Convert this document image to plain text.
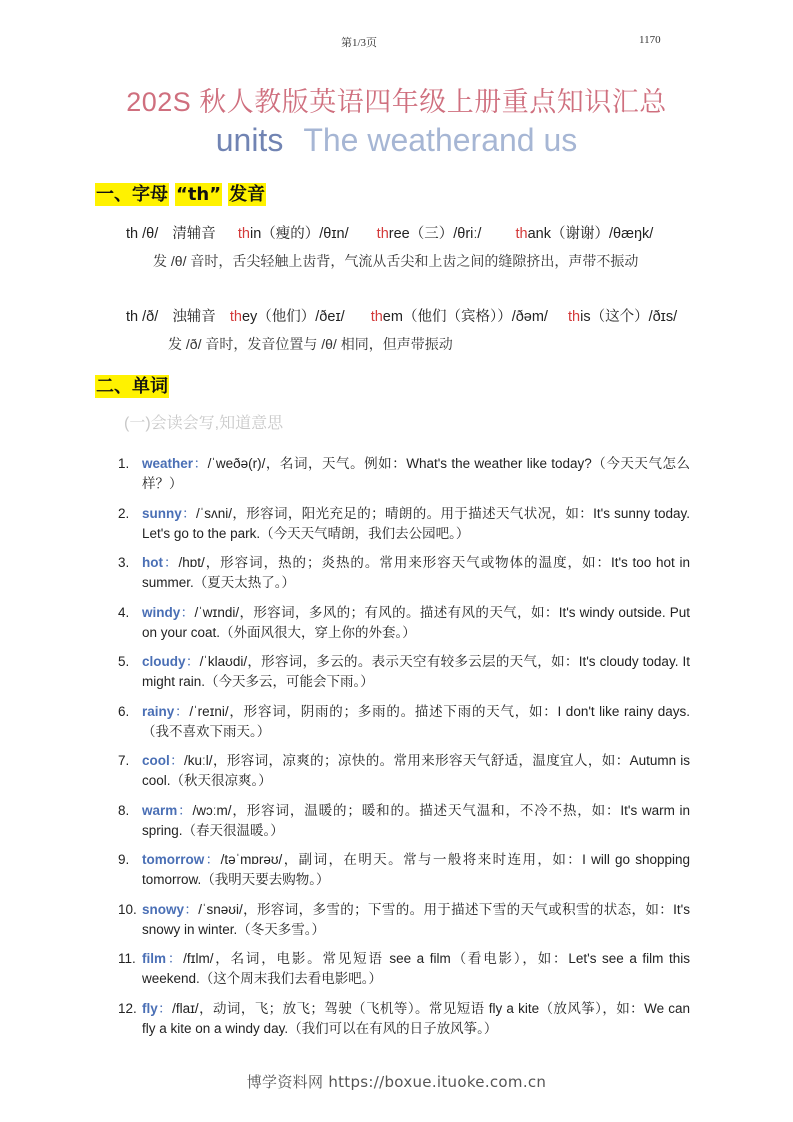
第1/3页	1170
202S 秋人教版英语四年级上册重点知识汇总
units The weatherand us
一、字母 “th” 发音
th /θ/ 清辅音 thin（瘦的）/θɪn/ three（三）/θriː/ thank（谢谢）/θæŋk/
发 /θ/ 音时，舌尖轻触上齿背，气流从舌尖和上齿之间的缝隙挤出，声带不振动
th /ð/ 浊辅音 they（他们）/ðeɪ/ them（他们（宾格））/ðəm/ this（这个）/ðɪs/
发 /ð/ 音时，发音位置与 /θ/ 相同，但声带振动
二、单词
(一)会读会写,知道意思
1. weather：/ˈweðə(r)/，名词，天气。例如：What's the weather like today?（今天天气怎么样？）
2. sunny：/ˈsʌni/，形容词，阳光充足的；晴朗的。用于描述天气状况，如：It's sunny today. Let's go to the park.（今天天气晴朗，我们去公园吧。）
3. hot：/hɒt/，形容词，热的；炎热的。常用来形容天气或物体的温度，如：It's too hot in summer.（夏天太热了。）
4. windy：/ˈwɪndi/，形容词，多风的；有风的。描述有风的天气，如：It's windy outside. Put on your coat.（外面风很大，穿上你的外套。）
5. cloudy：/ˈklaʊdi/，形容词，多云的。表示天空有较多云层的天气，如：It's cloudy today. It might rain.（今天多云，可能会下雨。）
6. rainy：/ˈreɪni/，形容词，阴雨的；多雨的。描述下雨的天气，如：I don't like rainy days.（我不喜欢下雨天。）
7. cool：/kuːl/，形容词，凉爽的；凉快的。常用来形容天气舒适，温度宜人，如：Autumn is cool.（秋天很凉爽。）
8. warm：/wɔːm/，形容词，温暖的；暖和的。描述天气温和，不冷不热，如：It's warm in spring.（春天很温暖。）
9. tomorrow：/təˈmɒrəʊ/，副词，在明天。常与一般将来时连用，如：I will go shopping tomorrow.（我明天要去购物。）
10. snowy：/ˈsnəʊi/，形容词，多雪的；下雪的。用于描述下雪的天气或积雪的状态，如：It's snowy in winter.（冬天多雪。）
11. film：/fɪlm/，名词，电影。常见短语 see a film（看电影），如：Let's see a film this weekend.（这个周末我们去看电影吧。）
12. fly：/flaɪ/，动词，飞；放飞；驾驶（飞机等）。常见短语 fly a kite（放风筝），如：We can fly a kite on a windy day.（我们可以在有风的日子放风筝。）
博学资料网 https://boxue.ituoke.com.cn
